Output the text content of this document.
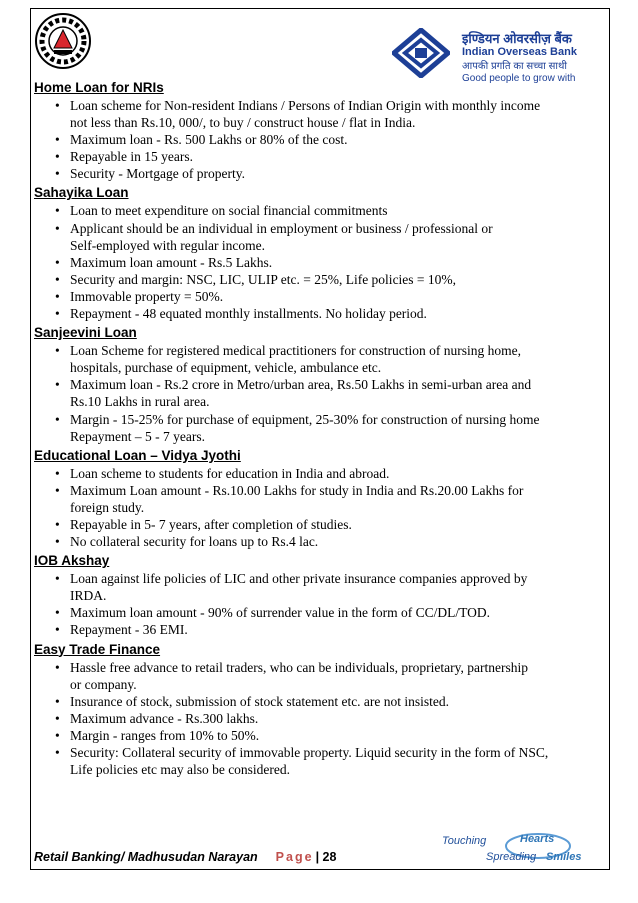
इण्डियन ओवरसीज़ बैंक
Indian Overseas Bank
आपकी प्रगति का सच्चा साथी
Good people to grow with
Home Loan for NRIs
• Loan scheme for Non-resident Indians / Persons of Indian Origin with monthly income
not less than Rs.10, 000/, to buy / construct house / flat in India.
• Maximum loan - Rs. 500 Lakhs or 80% of the cost.
• Repayable in 15 years.
• Security - Mortgage of property.
Sahayika Loan
• Loan to meet expenditure on social financial commitments
• Applicant should be an individual in employment or business / professional or
Self-employed with regular income.
• Maximum loan amount - Rs.5 Lakhs.
• Security and margin: NSC, LIC, ULIP etc. = 25%, Life policies = 10%,
• Immovable property = 50%.
• Repayment - 48 equated monthly installments. No holiday period.
Sanjeevini Loan
• Loan Scheme for registered medical practitioners for construction of nursing home,
hospitals, purchase of equipment, vehicle, ambulance etc.
• Maximum loan - Rs.2 crore in Metro/urban area, Rs.50 Lakhs in semi-urban area and
Rs.10 Lakhs in rural area.
• Margin - 15-25% for purchase of equipment, 25-30% for construction of nursing home
Repayment – 5 - 7 years.
Educational Loan – Vidya Jyothi
• Loan scheme to students for education in India and abroad.
• Maximum Loan amount - Rs.10.00 Lakhs for study in India and Rs.20.00 Lakhs for
foreign study.
• Repayable in 5- 7 years, after completion of studies.
• No collateral security for loans up to Rs.4 lac.
IOB Akshay
• Loan against life policies of LIC and other private insurance companies approved by
IRDA.
• Maximum loan amount - 90% of surrender value in the form of CC/DL/TOD.
• Repayment - 36 EMI.
Easy Trade Finance
• Hassle free advance to retail traders, who can be individuals, proprietary, partnership
or company.
• Insurance of stock, submission of stock statement etc. are not insisted.
• Maximum advance - Rs.300 lakhs.
• Margin - ranges from 10% to 50%.
• Security: Collateral security of immovable property. Liquid security in the form of NSC,
Life policies etc may also be considered.
Retail Banking/ Madhusudan Narayan Page | 28
Touching	Hearts
Spreading Smiles
